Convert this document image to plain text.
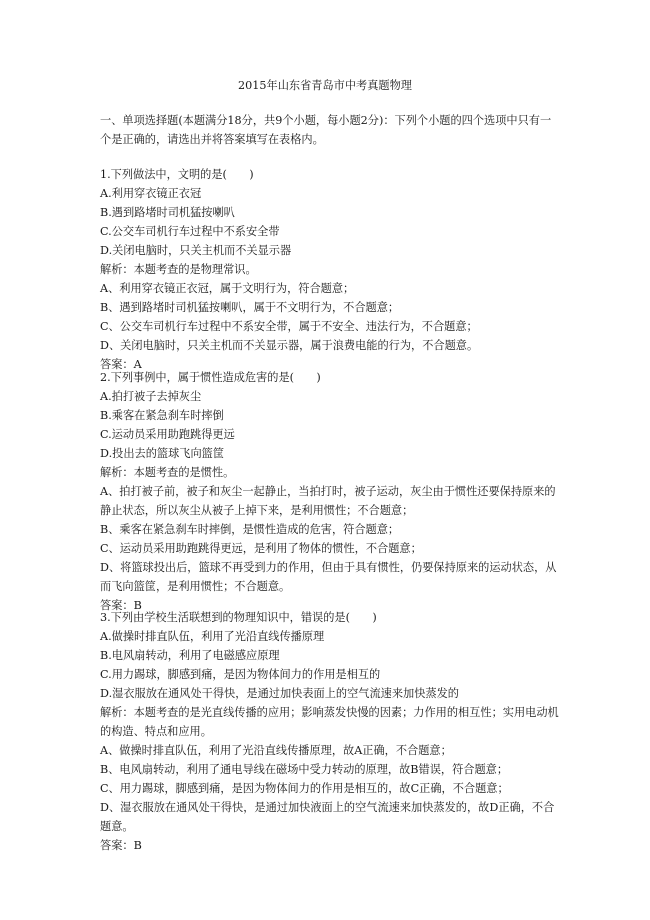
2015年山东省青岛市中考真题物理
一、单项选择题(本题满分18分，共9个小题，每小题2分)：下列个小题的四个选项中只有一个是正确的，请选出并将答案填写在表格内。
1.下列做法中，文明的是(　　)
A.利用穿衣镜正衣冠
B.遇到路堵时司机猛按喇叭
C.公交车司机行车过程中不系安全带
D.关闭电脑时，只关主机而不关显示器
解析：本题考查的是物理常识。
A、利用穿衣镜正衣冠，属于文明行为，符合题意；
B、遇到路堵时司机猛按喇叭，属于不文明行为，不合题意；
C、公交车司机行车过程中不系安全带，属于不安全、违法行为，不合题意；
D、关闭电脑时，只关主机而不关显示器，属于浪费电能的行为，不合题意。
答案：A
2.下列事例中，属于惯性造成危害的是(　　)
A.拍打被子去掉灰尘
B.乘客在紧急刹车时摔倒
C.运动员采用助跑跳得更远
D.投出去的篮球飞向篮筐
解析：本题考查的是惯性。
A、拍打被子前，被子和灰尘一起静止，当拍打时，被子运动，灰尘由于惯性还要保持原来的静止状态，所以灰尘从被子上掉下来，是利用惯性；不合题意；
B、乘客在紧急刹车时摔倒，是惯性造成的危害，符合题意；
C、运动员采用助跑跳得更远，是利用了物体的惯性，不合题意；
D、将篮球投出后，篮球不再受到力的作用，但由于具有惯性，仍要保持原来的运动状态，从而飞向篮筐，是利用惯性；不合题意。
答案：B
3.下列由学校生活联想到的物理知识中，错误的是(　　)
A.做操时排直队伍，利用了光沿直线传播原理
B.电风扇转动，利用了电磁感应原理
C.用力踢球，脚感到痛，是因为物体间力的作用是相互的
D.湿衣服放在通风处干得快，是通过加快表面上的空气流速来加快蒸发的
解析：本题考查的是光直线传播的应用；影响蒸发快慢的因素；力作用的相互性；实用电动机的构造、特点和应用。
A、做操时排直队伍，利用了光沿直线传播原理，故A正确，不合题意；
B、电风扇转动，利用了通电导线在磁场中受力转动的原理，故B错误，符合题意；
C、用力踢球，脚感到痛，是因为物体间力的作用是相互的，故C正确，不合题意；
D、湿衣服放在通风处干得快，是通过加快液面上的空气流速来加快蒸发的，故D正确，不合题意。
答案：B
